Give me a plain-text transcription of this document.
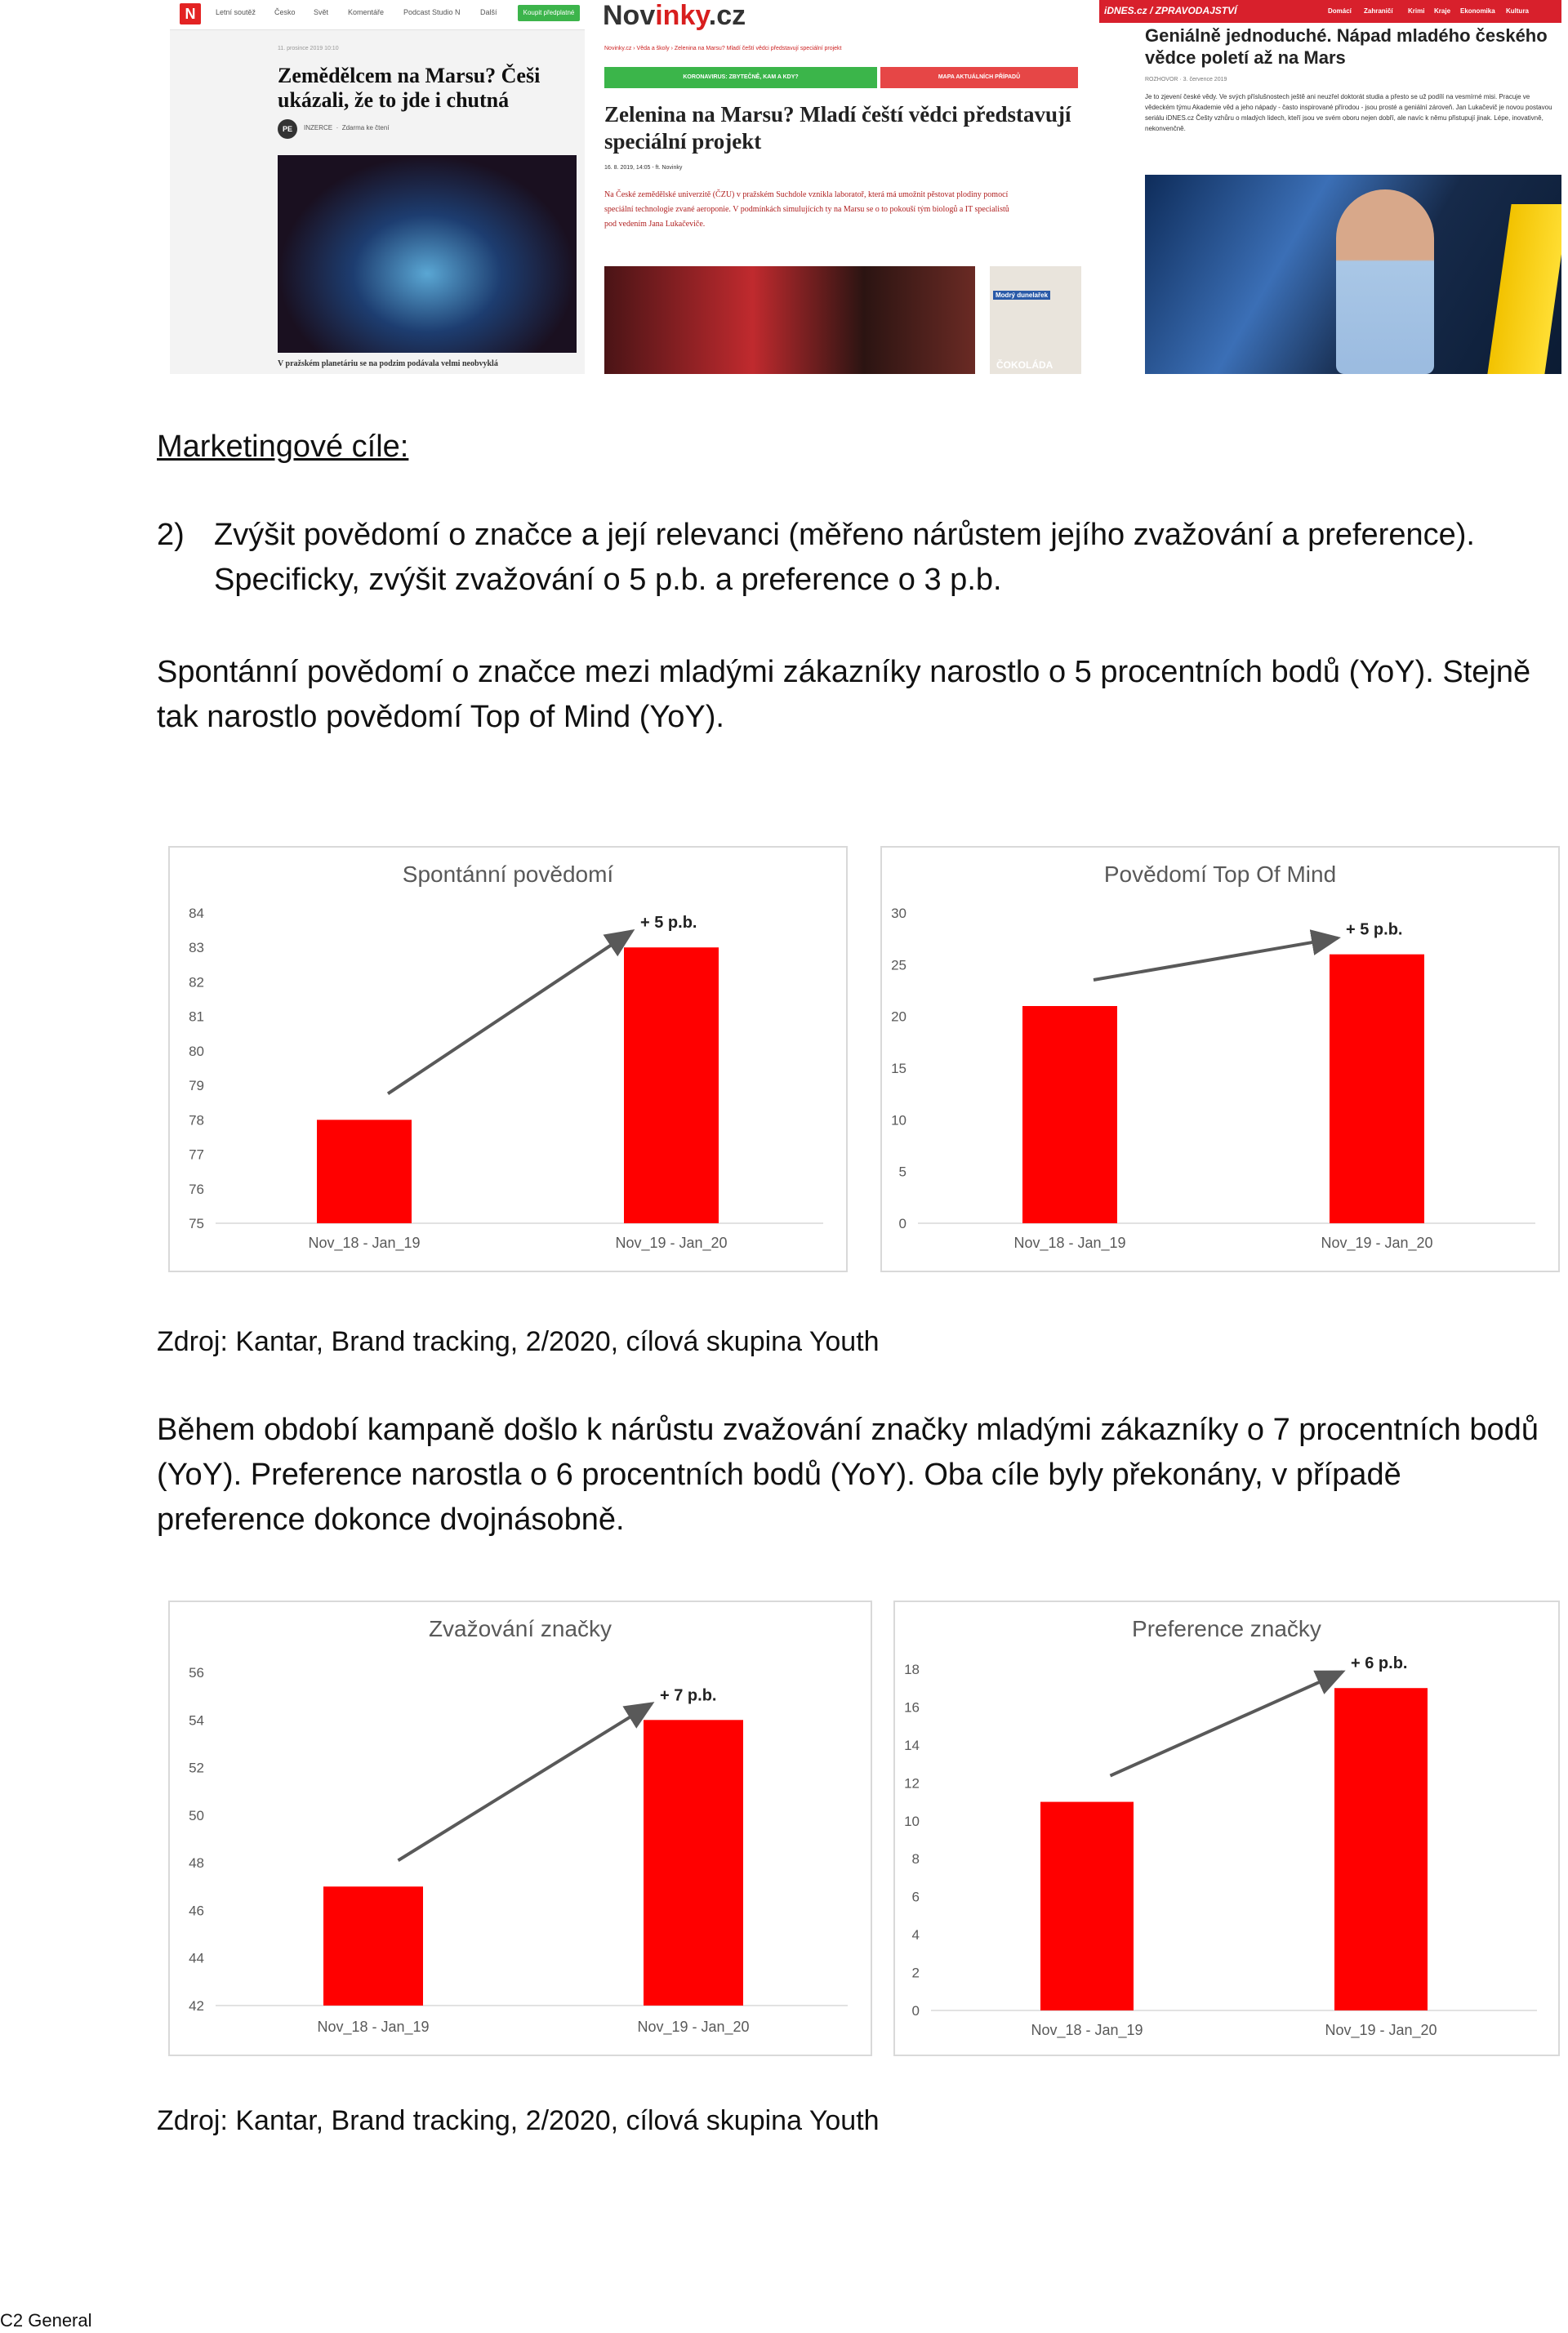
N	Letní soutěž	Česko Svět	Komentáře	Podcast Studio N	Další	Koupit předplatné
11. prosince 2019 10:10
Zemědělcem na Marsu? Češi ukázali, že to jde i chutná
PE	INZERCE  ·  Zdarma ke čtení
V pražském planetáriu se na podzim podávala velmi neobvyklá
Novinky.cz
Novinky.cz › Věda a školy › Zelenina na Marsu? Mladí čeští vědci představují speciální projekt
KORONAVIRUS: ZBYTEČNĚ, KAM A KDY?	MAPA AKTUÁLNÍCH PŘÍPADŮ
Zelenina na Marsu? Mladí čeští vědci představují speciální projekt
16. 8. 2019, 14:05 - ft. Novinky
Na České zemědělské univerzitě (ČZU) v pražském Suchdole vznikla laboratoř, která má umožnit pěstovat plodiny pomocí speciální technologie zvané aeroponie. V podmínkách simulujících ty na Marsu se o to pokouší tým biologů a IT specialistů pod vedením Jana Lukačeviče.
Modrý dunelařek
ČOKOLÁDA
iDNES.cz / ZPRAVODAJSTVÍ	Domácí Zahraničí Krimi Kraje Ekonomika Kultura
Geniálně jednoduché. Nápad mladého českého vědce poletí až na Mars
ROZHOVOR · 3. července 2019
Je to zjevení české vědy. Ve svých příslušnostech ještě ani neuzřel doktorát studia a přesto se už podílí na vesmírné misi. Pracuje ve vědeckém týmu Akademie věd a jeho nápady - často inspirované přírodou - jsou prosté a geniální zároveň. Jan Lukačevič je novou postavou seriálu iDNES.cz Češty vzhůru o mladých lidech, kteří jsou ve svém oboru nejen dobří, ale navíc k němu přistupují jinak. Lépe, inovativně, nekonvenčně.
Marketingové cíle:
2) Zvýšit povědomí o značce a její relevanci (měřeno nárůstem jejího zvažování a preference). Specificky, zvýšit zvažování o 5 p.b. a preference o 3 p.b.
Spontánní povědomí o značce mezi mladými zákazníky narostlo o 5 procentních bodů (YoY). Stejně tak narostlo povědomí Top of Mind (YoY).
Spontánní povědomí
75
76
77
78
79
80
81
82
83
84
Nov_18 - Jan_19	Nov_19 - Jan_20
+ 5 p.b.
Povědomí Top Of Mind
0
5
10
15
20
25
30
Nov_18 - Jan_19	Nov_19 - Jan_20
+ 5 p.b.
Zdroj: Kantar, Brand tracking, 2/2020, cílová skupina Youth
Během období kampaně došlo k nárůstu zvažování značky mladými zákazníky o 7 procentních bodů (YoY). Preference narostla o 6 procentních bodů (YoY). Oba cíle byly překonány, v případě preference dokonce dvojnásobně.
Zvažování značky
42
44
46
48
50
52
54
56
Nov_18 - Jan_19	Nov_19 - Jan_20
+ 7 p.b.
Preference značky
0
2
4
6
8
10
12
14
16
18
Nov_18 - Jan_19	Nov_19 - Jan_20
+ 6 p.b.
Zdroj: Kantar, Brand tracking, 2/2020, cílová skupina Youth
C2 General
